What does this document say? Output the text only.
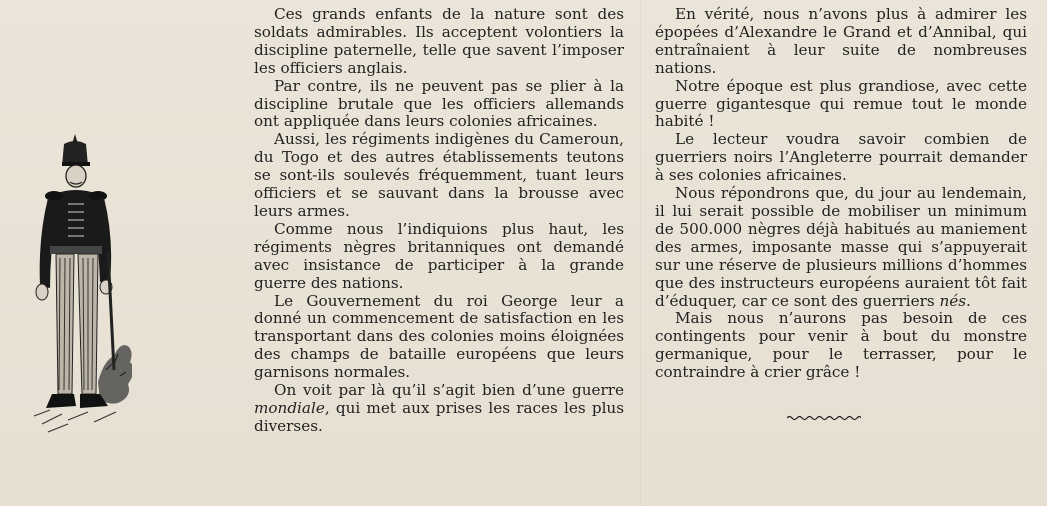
Ces grands enfants de la nature sont des soldats admirables. Ils acceptent volontiers la discipline paternelle, telle que savent l’imposer les officiers anglais.

Par contre, ils ne peuvent pas se plier à la discipline brutale que les officiers allemands ont appliquée dans leurs colonies africaines.

Aussi, les régiments indigènes du Cameroun, du Togo et des autres établissements teutons se sont-ils soulevés fréquemment, tuant leurs officiers et se sauvant dans la brousse avec leurs armes.

Comme nous l’indiquions plus haut, les régiments nègres britanniques ont demandé avec insistance de participer à la grande guerre des nations.

Le Gouvernement du roi George leur a donné un commencement de satisfaction en les transportant dans des colonies moins éloignées des champs de bataille européens que leurs garnisons normales.

On voit par là qu’il s’agit bien d’une guerre mondiale, qui met aux prises les races les plus diverses.

En vérité, nous n’avons plus à admirer les épopées d’Alexandre le Grand et d’Annibal, qui entraînaient à leur suite de nombreuses nations.

Notre époque est plus grandiose, avec cette guerre gigantesque qui remue tout le monde habité !

Le lecteur voudra savoir combien de guerriers noirs l’Angleterre pourrait demander à ses colonies africaines.

Nous répondrons que, du jour au lendemain, il lui serait possible de mobiliser un minimum de 500.000 nègres déjà habitués au maniement des armes, imposante masse qui s’appuyerait sur une réserve de plusieurs millions d’hommes que des instructeurs européens auraient tôt fait d’éduquer, car ce sont des guerriers nés.

Mais nous n’aurons pas besoin de ces contingents pour venir à bout du monstre germanique, pour le terrasser, pour le contraindre à crier grâce !
